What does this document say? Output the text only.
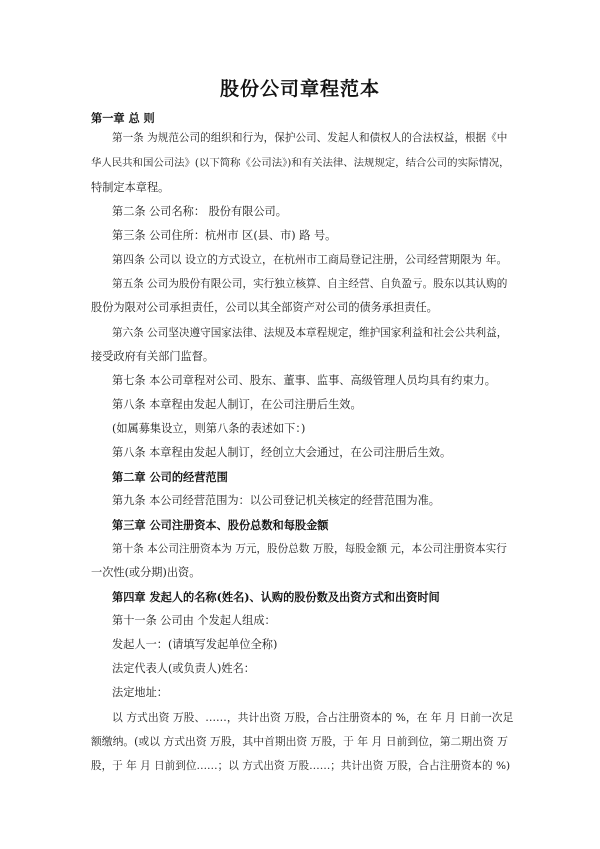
股份公司章程范本
第一章 总 则
第一条 为规范公司的组织和行为，保护公司、发起人和债权人的合法权益，根据《中
华人民共和国公司法》(以下简称《公司法》)和有关法律、法规规定，结合公司的实际情况，
特制定本章程。
第二条 公司名称： 股份有限公司。
第三条 公司住所：杭州市 区(县、市) 路 号。
第四条 公司以 设立的方式设立，在杭州市工商局登记注册，公司经营期限为 年。
第五条 公司为股份有限公司，实行独立核算、自主经营、自负盈亏。股东以其认购的
股份为限对公司承担责任，公司以其全部资产对公司的债务承担责任。
第六条 公司坚决遵守国家法律、法规及本章程规定，维护国家利益和社会公共利益，
接受政府有关部门监督。
第七条 本公司章程对公司、股东、董事、监事、高级管理人员均具有约束力。
第八条 本章程由发起人制订，在公司注册后生效。
(如属募集设立，则第八条的表述如下：)
第八条 本章程由发起人制订，经创立大会通过，在公司注册后生效。
第二章 公司的经营范围
第九条 本公司经营范围为：以公司登记机关核定的经营范围为准。
第三章 公司注册资本、股份总数和每股金额
第十条 本公司注册资本为 万元，股份总数 万股，每股金额 元，本公司注册资本实行
一次性(或分期)出资。
第四章 发起人的名称(姓名)、认购的股份数及出资方式和出资时间
第十一条 公司由 个发起人组成：
发起人一：(请填写发起单位全称)
法定代表人(或负责人)姓名：
法定地址：
以 方式出资 万股、……，共计出资 万股，合占注册资本的 %，在 年 月 日前一次足
额缴纳。(或以 方式出资 万股，其中首期出资 万股，于 年 月 日前到位，第二期出资 万
股，于 年 月 日前到位……；以 方式出资 万股……；共计出资 万股，合占注册资本的 %)
